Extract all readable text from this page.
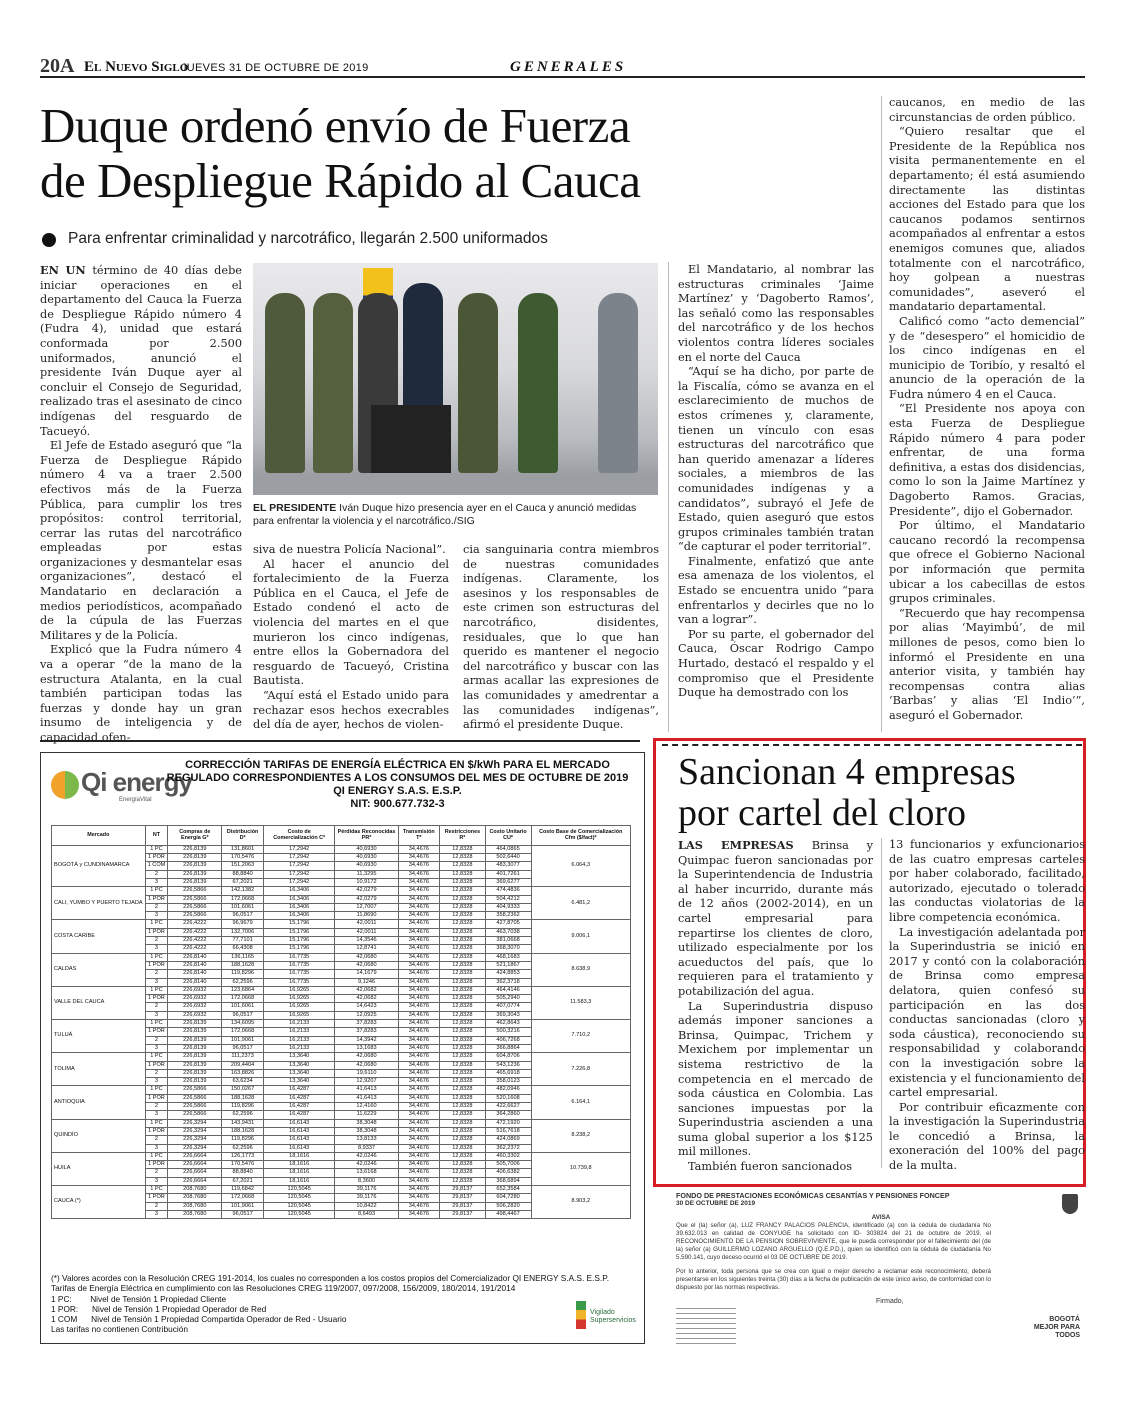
20A El Nuevo Siglo
JUEVES 31 DE OCTUBRE DE 2019	GENERALES
Duque ordenó envío de Fuerza
de Despliegue Rápido al Cauca
Para enfrentar criminalidad y narcotráfico, llegarán 2.500 uniformados
EL PRESIDENTE Iván Duque hizo presencia ayer en el Cauca y anunció medidas para enfrentar la violencia y el narcotráfico./SIG

EN UN término de 40 días debe iniciar operaciones en el departamento del Cauca la Fuerza de Despliegue Rápido número 4 (Fudra 4), unidad que estará conformada por 2.500 uniformados, anunció el presidente Iván Duque ayer al concluir el Consejo de Seguridad, realizado tras el asesinato de cinco indígenas del resguardo de Tacueyó.

El Jefe de Estado aseguró que “la Fuerza de Despliegue Rápido número 4 va a traer 2.500 efectivos más de la Fuerza Pública, para cumplir los tres propósitos: control territorial, cerrar las rutas del narcotráfico empleadas por estas organizaciones y desmantelar esas organizaciones”, destacó el Mandatario en declaración a medios periodísticos, acompañado de la cúpula de las Fuerzas Militares y de la Policía.

Explicó que la Fudra número 4 va a operar “de la mano de la estructura Atalanta, en la cual también participan todas las fuerzas y donde hay un gran insumo de inteligencia y de capacidad ofen-

siva de nuestra Policía Nacional”.

Al hacer el anuncio del fortalecimiento de la Fuerza Pública en el Cauca, el Jefe de Estado condenó el acto de violencia del martes en el que murieron los cinco indígenas, entre ellos la Gobernadora del resguardo de Tacueyó, Cristina Bautista.

“Aquí está el Estado unido para rechazar esos hechos execrables del día de ayer, hechos de violen-

cia sanguinaria contra miembros de nuestras comunidades indígenas. Claramente, los asesinos y los responsables de este crimen son estructuras del narcotráfico, disidentes, residuales, que lo que han querido es mantener el negocio del narcotráfico y buscar con las armas acallar las expresiones de las comunidades y amedrentar a las comunidades indígenas”, afirmó el presidente Duque.

El Mandatario, al nombrar las estructuras criminales ‘Jaime Martínez’ y ‘Dagoberto Ramos’, las señaló como las responsables del narcotráfico y de los hechos violentos contra líderes sociales en el norte del Cauca

“Aquí se ha dicho, por parte de la Fiscalía, cómo se avanza en el esclarecimiento de muchos de estos crímenes y, claramente, tienen un vínculo con esas estructuras del narcotráfico que han querido amenazar a líderes sociales, a miembros de las comunidades indígenas y a candidatos”, subrayó el Jefe de Estado, quien aseguró que estos grupos criminales también tratan “de capturar el poder territorial”.

Finalmente, enfatizó que ante esa amenaza de los violentos, el Estado se encuentra unido “para enfrentarlos y decirles que no lo van a lograr”.

Por su parte, el gobernador del Cauca, Óscar Rodrigo Campo Hurtado, destacó el respaldo y el compromiso que el Presidente Duque ha demostrado con los

caucanos, en medio de las circunstancias de orden público.

“Quiero resaltar que el Presidente de la República nos visita permanentemente en el departamento; él está asumiendo directamente las distintas acciones del Estado para que los caucanos podamos sentirnos acompañados al enfrentar a estos enemigos comunes que, aliados totalmente con el narcotráfico, hoy golpean a nuestras comunidades”, aseveró el mandatario departamental.

Calificó como “acto demencial” y de “desespero” el homicidio de los cinco indígenas en el municipio de Toribío, y resaltó el anuncio de la operación de la Fudra número 4 en el Cauca.

“El Presidente nos apoya con esta Fuerza de Despliegue Rápido número 4 para poder enfrentar, de una forma definitiva, a estas dos disidencias, como lo son la Jaime Martínez y Dagoberto Ramos. Gracias, Presidente”, dijo el Gobernador.

Por último, el Mandatario caucano recordó la recompensa que ofrece el Gobierno Nacional por información que permita ubicar a los cabecillas de estos grupos criminales.

“Recuerdo que hay recompensa por alias ‘Mayimbú’, de mil millones de pesos, como bien lo informó el Presidente en una anterior visita, y también hay recompensas contra alias ‘Barbas’ y alias ‘El Indio’”, aseguró el Gobernador.

Qi energy
EnergíaVital
CORRECCIÓN TARIFAS DE ENERGÍA ELÉCTRICA EN $/kWh PARA EL MERCADO
REGULADO CORRESPONDIENTES A LOS CONSUMOS DEL MES DE OCTUBRE DE 2019
QI ENERGY S.A.S. E.S.P.
NIT: 900.677.732-3
Mercado	NT	Compras de Energía G*	Distribución D*	Costo de Comercialización C*	Pérdidas Reconocidas PR*	Transmisión T*	Restricciones R*	Costo Unitario CU*	Costo Base de Comercialización Cfm ($/fact)*
BOGOTÁ y CUNDINAMARCA	1 PC	226,8139	131,8601	17,2942	40,6930	34,4676	12,8328	464,0865	6.064,3
	1 POR	226,8139	170,5476	17,2942	40,6930	34,4676	12,8328	502,6440	
	1 COM	226,8139	151,2063	17,2942	40,6930	34,4676	12,8328	483,3077	
	2	226,8139	88,8840	17,2942	11,3295	34,4676	12,8328	401,7261	
	3	226,8139	67,2021	17,2942	10,9172	34,4676	12,8328	369,6277	
CALI, YUMBO Y PUERTO TEJADA	1 PC	226,5866	142,1382	16,3406	42,0279	34,4676	12,8328	474,4836	6.481,2
	1 POR	226,5866	172,0668	16,3406	42,0279	34,4676	12,8328	504,4212	
	2	226,5866	101,6061	16,3406	12,7007	34,4676	12,8328	404,9333	
	3	226,5866	96,0517	16,3406	11,8690	34,4676	12,8328	358,2362	
COSTA CARIBE	1 PC	226,4222	96,9679	15,1796	42,0011	34,4676	12,8328	427,8705	9.006,1
	1 POR	226,4222	132,7006	15,1796	42,0011	34,4676	12,8328	463,7038	
	2	226,4222	77,7101	15,1796	14,3546	34,4676	12,8328	381,0668	
	3	226,4222	66,4308	15,1796	12,8741	34,4676	12,8328	368,3070	
CALDAS	1 PC	226,8140	136,1165	16,7735	42,0680	34,4676	12,8328	468,1683	8.638,9
	1 POR	226,8140	188,1628	16,7735	42,0680	34,4676	12,8328	521,1867	
	2	226,8140	119,8296	16,7735	14,1679	34,4676	12,8328	424,8853	
	3	226,8140	62,2596	16,7735	9,1246	34,4676	12,8328	362,3718	
VALLE DEL CAUCA	1 PC	226,6932	123,6864	16,9265	42,0682	34,4676	12,8328	464,4146	11.583,3
	1 POR	226,6932	172,0668	16,9265	42,0682	34,4676	12,8328	505,2940	
	2	226,6932	101,6061	16,9265	14,6423	34,4676	12,8328	407,0774	
	3	226,6932	96,0517	16,9265	12,0925	34,4676	12,8328	369,3043	
TULUÁ	1 PC	226,8139	134,6095	16,2133	37,8283	34,4676	12,8328	462,8643	7.710,2
	1 POR	226,8139	172,0668	16,2133	37,8283	34,4676	12,8328	500,3216	
	2	226,8139	101,9061	16,2133	14,3942	34,4676	12,8328	406,7268	
	3	226,8139	96,0517	16,2133	13,1683	34,4676	12,8328	366,8864	
TOLIMA	1 PC	226,8139	111,2373	13,3640	42,0680	34,4676	12,8328	604,8706	7.226,8
	1 POR	226,8139	209,4404	13,3640	42,0680	34,4676	12,8328	543,1236	
	2	226,8139	163,8826	13,3640	19,6110	34,4676	12,8328	465,6918	
	3	226,8139	63,6234	13,3640	12,9207	34,4676	12,8328	358,0123	
ANTIOQUIA	1 PC	226,5866	150,0267	16,4287	41,6413	34,4676	12,8328	482,0946	6.164,1
	1 POR	226,5866	188,1628	16,4287	41,6413	34,4676	12,8328	520,1608	
	2	226,5866	119,8296	16,4287	12,4160	34,4676	12,8328	422,6627	
	3	226,5866	62,2596	16,4287	11,6229	34,4676	12,8328	364,2860	
QUINDÍO	1 PC	226,3294	143,9431	16,6143	38,3048	34,4676	12,8328	472,1920	8.238,2
	1 POR	226,3294	188,1628	16,6143	38,3048	34,4676	12,8328	516,7618	
	2	226,3294	119,8296	16,6143	13,8133	34,4676	12,8328	424,0869	
	3	226,3294	62,2596	16,6143	8,9337	34,4676	12,8328	362,2372	
HUILA	1 PC	226,6664	126,1773	18,1616	42,0246	34,4676	12,8328	460,3302	10.739,8
	1 POR	226,6664	170,5476	18,1616	42,0246	34,4676	12,8328	505,7006	
	2	226,6664	88,8840	18,1616	13,6168	34,4676	12,8328	406,6382	
	3	226,6664	67,2021	18,1616	8,3600	34,4676	12,8328	368,6894	
CAUCA (*)	1 PC	208,7680	119,6842	120,5045	39,1176	34,4676	29,8137	652,3584	8.903,2
	1 POR	208,7680	172,0668	120,5045	39,1176	34,4676	29,8137	604,7280	
	2	208,7680	101,9061	120,5045	10,8422	34,4676	29,8137	506,2820	
	3	208,7680	96,0517	120,5045	8,6493	34,4676	29,8137	498,4467	
(*) Valores acordes con la Resolución CREG 191-2014, los cuales no corresponden a los costos propios del Comercializador QI ENERGY S.A.S. E.S.P.
Tarifas de Energía Eléctrica en cumplimiento con las Resoluciones CREG 119/2007, 097/2008, 156/2009, 180/2014, 191/2014
1 PC:        Nivel de Tensión 1 Propiedad Cliente
1 POR:      Nivel de Tensión 1 Propiedad Operador de Red
1 COM      Nivel de Tensión 1 Propiedad Compartida Operador de Red - Usuario
Las tarifas no contienen Contribución
Vigilado
Superservicios
Sancionan 4 empresas
por cartel del cloro

LAS EMPRESAS Brinsa y Quimpac fueron sancionadas por la Superintendencia de Industria al haber incurrido, durante más de 12 años (2002-2014), en un cartel empresarial para repartirse los clientes de cloro, utilizado especialmente por los acueductos del país, que lo requieren para el tratamiento y potabilización del agua.

La Superindustria dispuso además imponer sanciones a Brinsa, Quimpac, Trichem y Mexichem por implementar un sistema restrictivo de la competencia en el mercado de soda cáustica en Colombia. Las sanciones impuestas por la Superindustria ascienden a una suma global superior a los $125 mil millones.

También fueron sancionados

13 funcionarios y exfuncionarios de las cuatro empresas carteles por haber colaborado, facilitado, autorizado, ejecutado o tolerado las conductas violatorias de la libre competencia económica.

La investigación adelantada por la Superindustria se inició en 2017 y contó con la colaboración de Brinsa como empresa delatora, quien confesó su participación en las dos conductas sancionadas (cloro y soda cáustica), reconociendo su responsabilidad y colaborando con la investigación sobre la existencia y el funcionamiento del cartel empresarial.

Por contribuir eficazmente con la investigación la Superindustria le concedió a Brinsa, la exoneración del 100% del pago de la multa.

FONDO DE PRESTACIONES ECONÓMICAS CESANTÍAS Y PENSIONES FONCEP
30 DE OCTUBRE DE 2019
AVISA
Que el (la) señor (a), LUZ FRANCY PALACIOS PALENCIA, identificado (a) con la cédula de ciudadanía No 39.632.013 en calidad de CONYUGE ha solicitado con ID- 303824 del 21 de octubre de 2019, el RECONOCIMIENTO DE LA PENSION SOBREVIVIENTE, que le pueda corresponder por el fallecimiento del (de la) señor (a) GUILLERMO LOZANO ARGUELLO (Q.E.P.D.), quien se identificó con la cédula de ciudadanía No 5.590.141, cuyo deceso ocurrió el 03 DE OCTUBRE DE 2019.
Por lo anterior, toda persona que se crea con igual o mejor derecho a reclamar este reconocimiento, deberá presentarse en los siguientes treinta (30) días a la fecha de publicación de este único aviso, de conformidad con lo dispuesto por las normas respectivas.
Firmado,
BOGOTÁ MEJOR PARA TODOS
